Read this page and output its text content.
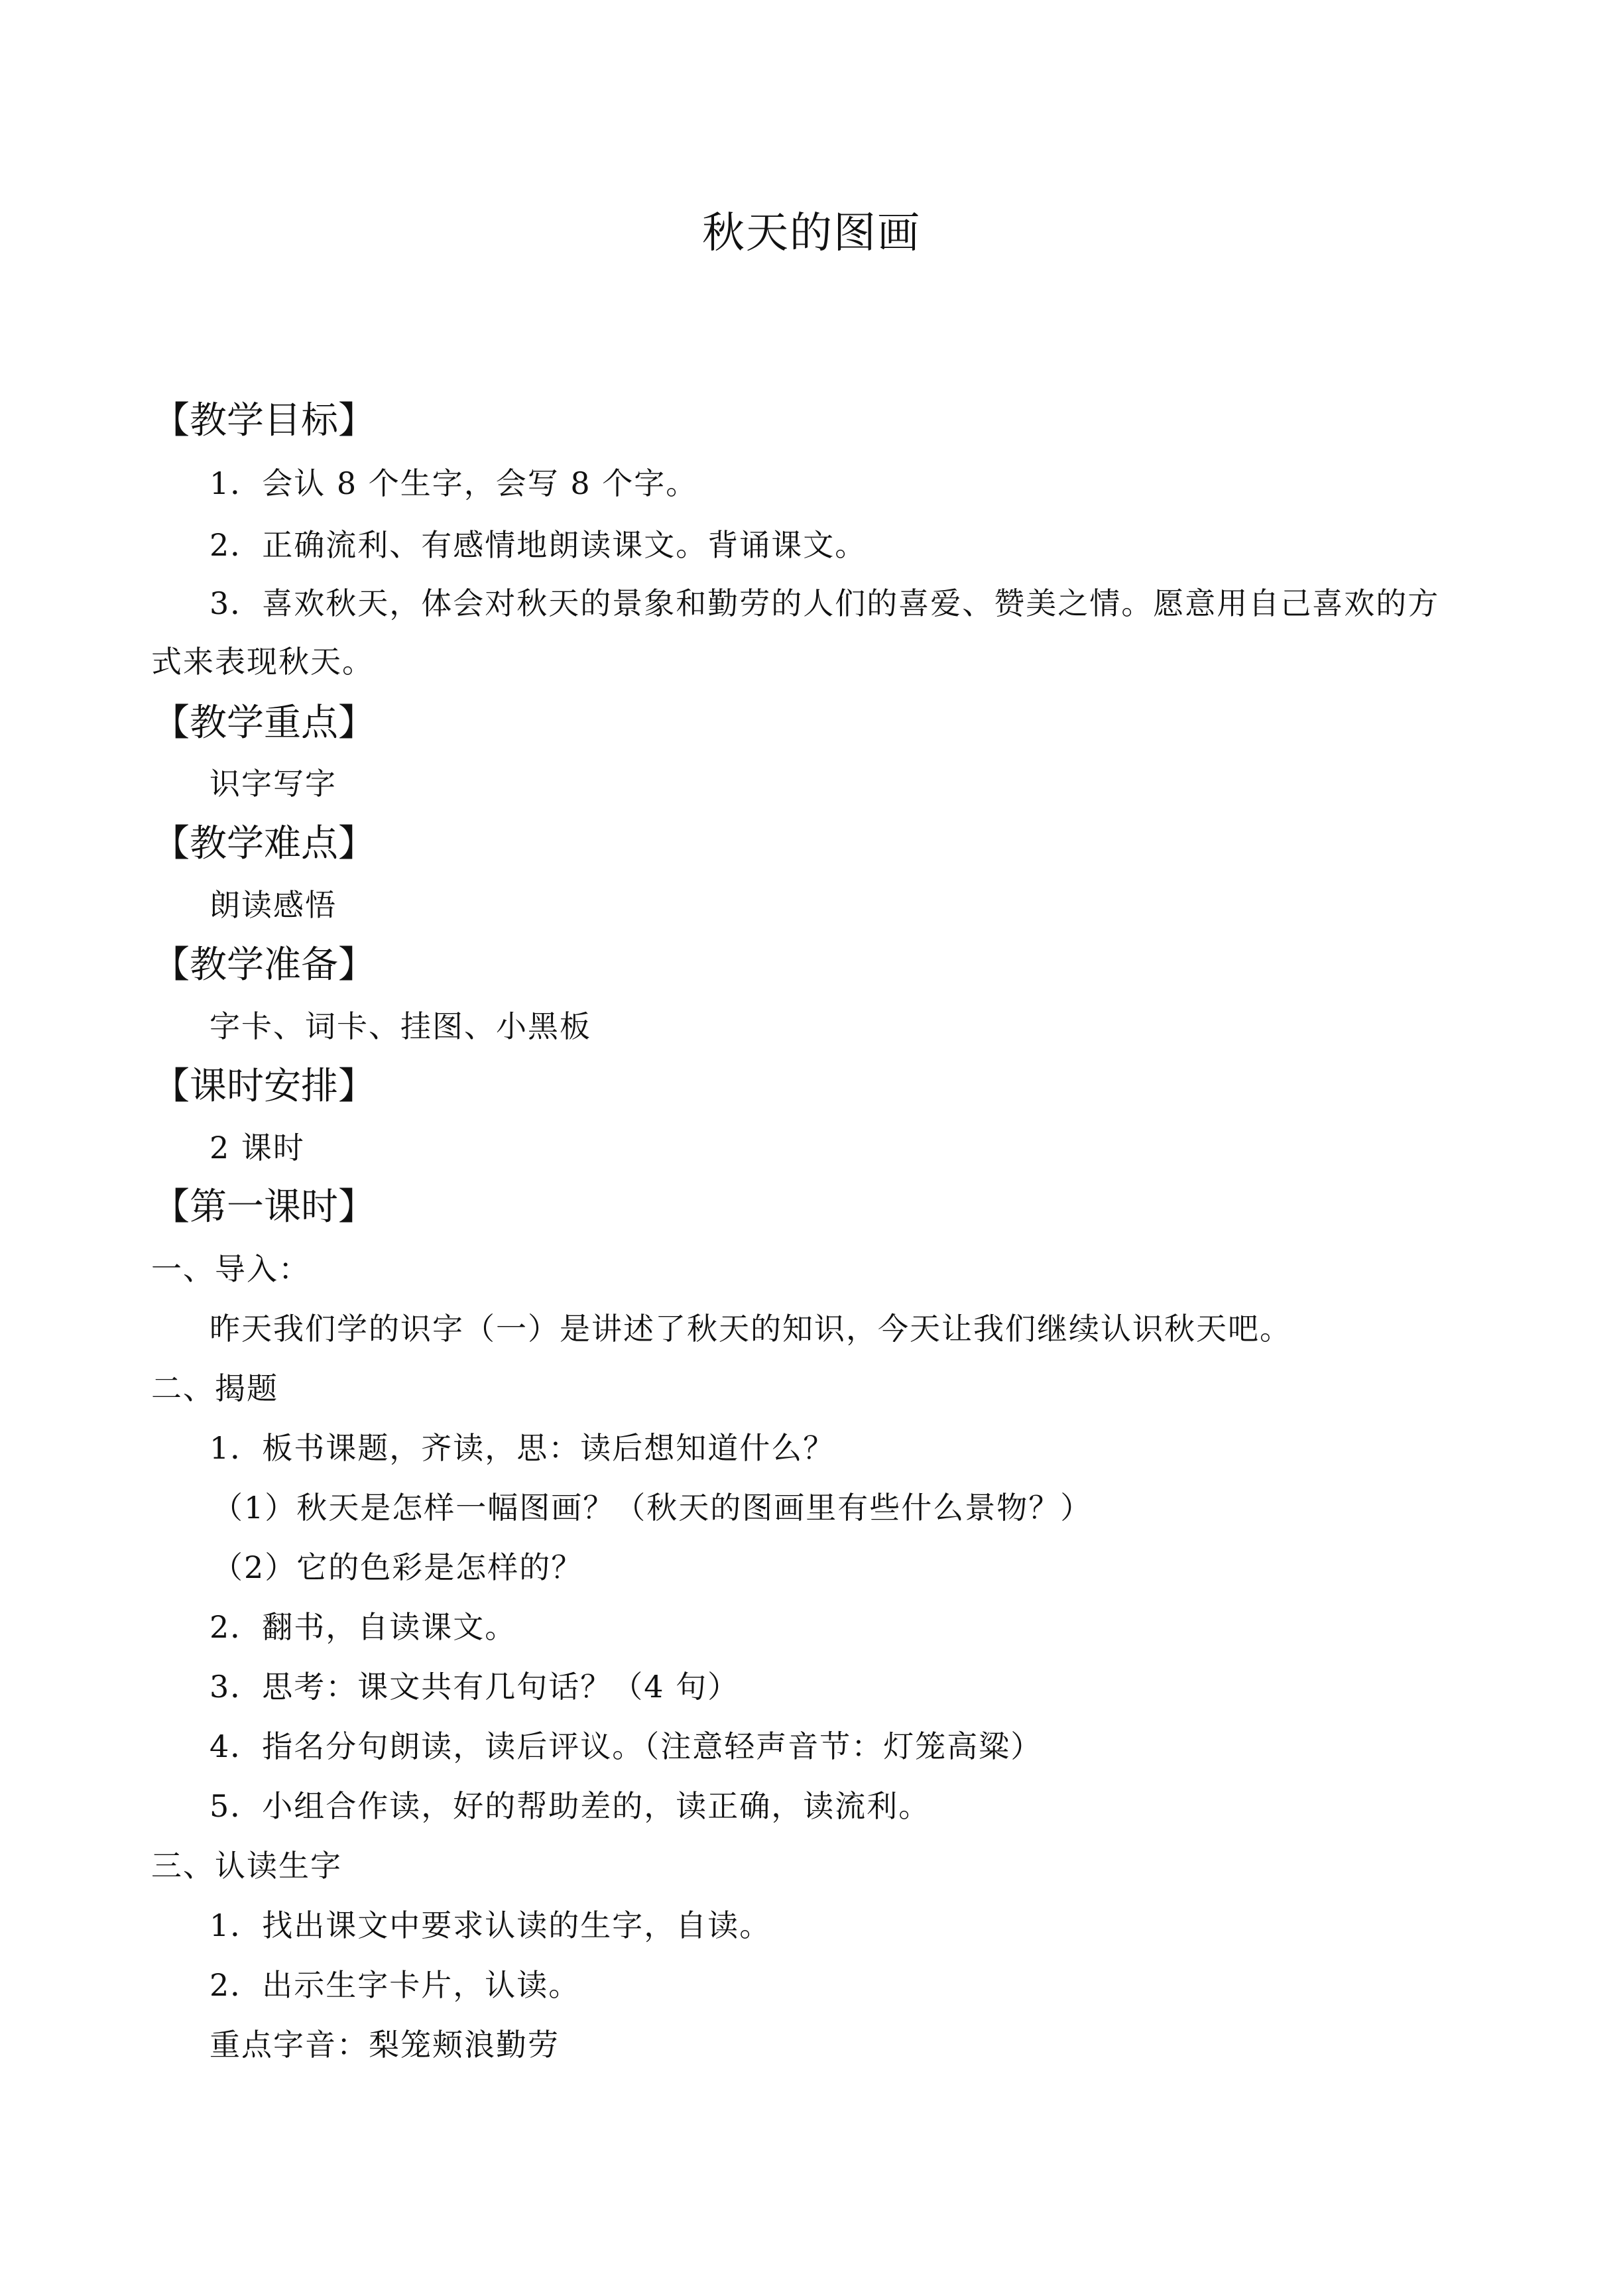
秋天的图画
【教学目标】
1．会认 8 个生字，会写 8 个字。
2．正确流利、有感情地朗读课文。背诵课文。
3．喜欢秋天，体会对秋天的景象和勤劳的人们的喜爱、赞美之情。愿意用自己喜欢的方
式来表现秋天。
【教学重点】
识字写字
【教学难点】
朗读感悟
【教学准备】
字卡、词卡、挂图、小黑板
【课时安排】
2 课时
【第一课时】
一、导入：
昨天我们学的识字（一）是讲述了秋天的知识，今天让我们继续认识秋天吧。
二、揭题
1．板书课题，齐读，思：读后想知道什么？
（1）秋天是怎样一幅图画？（秋天的图画里有些什么景物？）
（2）它的色彩是怎样的？
2．翻书，自读课文。
3．思考：课文共有几句话？（4 句）
4．指名分句朗读，读后评议。（注意轻声音节：灯笼高粱）
5．小组合作读，好的帮助差的，读正确，读流利。
三、认读生字
1．找出课文中要求认读的生字，自读。
2．出示生字卡片，认读。
重点字音：梨笼颊浪勤劳
